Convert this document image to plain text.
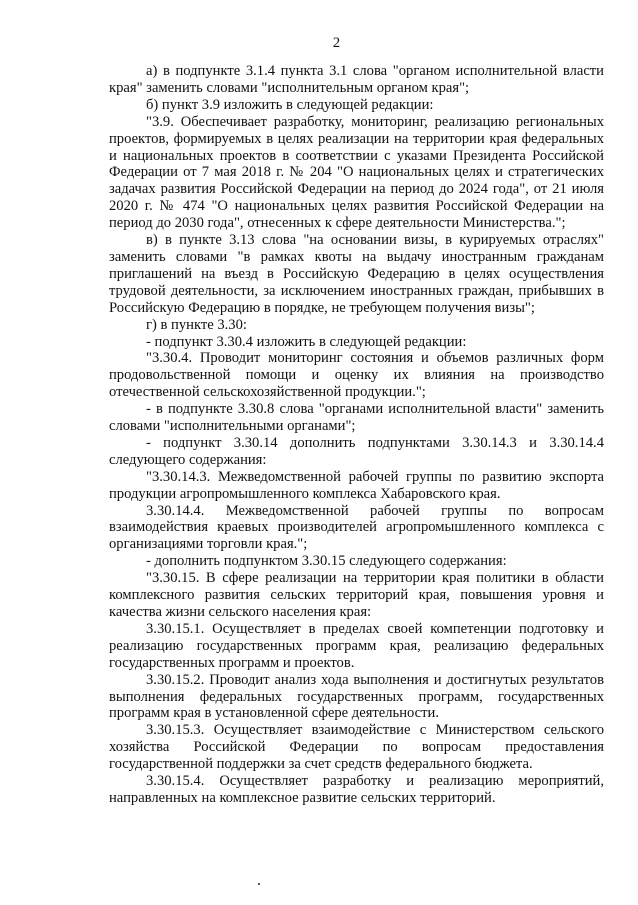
2

а) в подпункте 3.1.4 пункта 3.1 слова "органом исполнительной власти края" заменить словами "исполнительным органом края";

б) пункт 3.9 изложить в следующей редакции:

"3.9. Обеспечивает разработку, мониторинг, реализацию региональных проектов, формируемых в целях реализации на территории края федеральных и национальных проектов в соответствии с указами Президента Российской Федерации от 7 мая 2018 г. № 204 "О национальных целях и стратегических задачах развития Российской Федерации на период до 2024 года", от 21 июля 2020 г. № 474 "О национальных целях развития Российской Федерации на период до 2030 года", отнесенных к сфере деятельности Министерства.";

в) в пункте 3.13 слова "на основании визы, в курируемых отраслях" заменить словами "в рамках квоты на выдачу иностранным гражданам приглашений на въезд в Российскую Федерацию в целях осуществления трудовой деятельности, за исключением иностранных граждан, прибывших в Российскую Федерацию в порядке, не требующем получения визы";

г) в пункте 3.30:

- подпункт 3.30.4 изложить в следующей редакции:

"3.30.4. Проводит мониторинг состояния и объемов различных форм продовольственной помощи и оценку их влияния на производство отечественной сельскохозяйственной продукции.";

- в подпункте 3.30.8 слова "органами исполнительной власти" заменить словами "исполнительными органами";

- подпункт 3.30.14 дополнить подпунктами 3.30.14.3 и 3.30.14.4 следующего содержания:

"3.30.14.3. Межведомственной рабочей группы по развитию экспорта продукции агропромышленного комплекса Хабаровского края.

3.30.14.4. Межведомственной рабочей группы по вопросам взаимодействия краевых производителей агропромышленного комплекса с организациями торговли края.";

- дополнить подпунктом 3.30.15 следующего содержания:

"3.30.15. В сфере реализации на территории края политики в области комплексного развития сельских территорий края, повышения уровня и качества жизни сельского населения края:

3.30.15.1. Осуществляет в пределах своей компетенции подготовку и реализацию государственных программ края, реализацию федеральных государственных программ и проектов.

3.30.15.2. Проводит анализ хода выполнения и достигнутых результатов выполнения федеральных государственных программ, государственных программ края в установленной сфере деятельности.

3.30.15.3. Осуществляет взаимодействие с Министерством сельского хозяйства Российской Федерации по вопросам предоставления государственной поддержки за счет средств федерального бюджета.

3.30.15.4. Осуществляет разработку и реализацию мероприятий, направленных на комплексное развитие сельских территорий.
